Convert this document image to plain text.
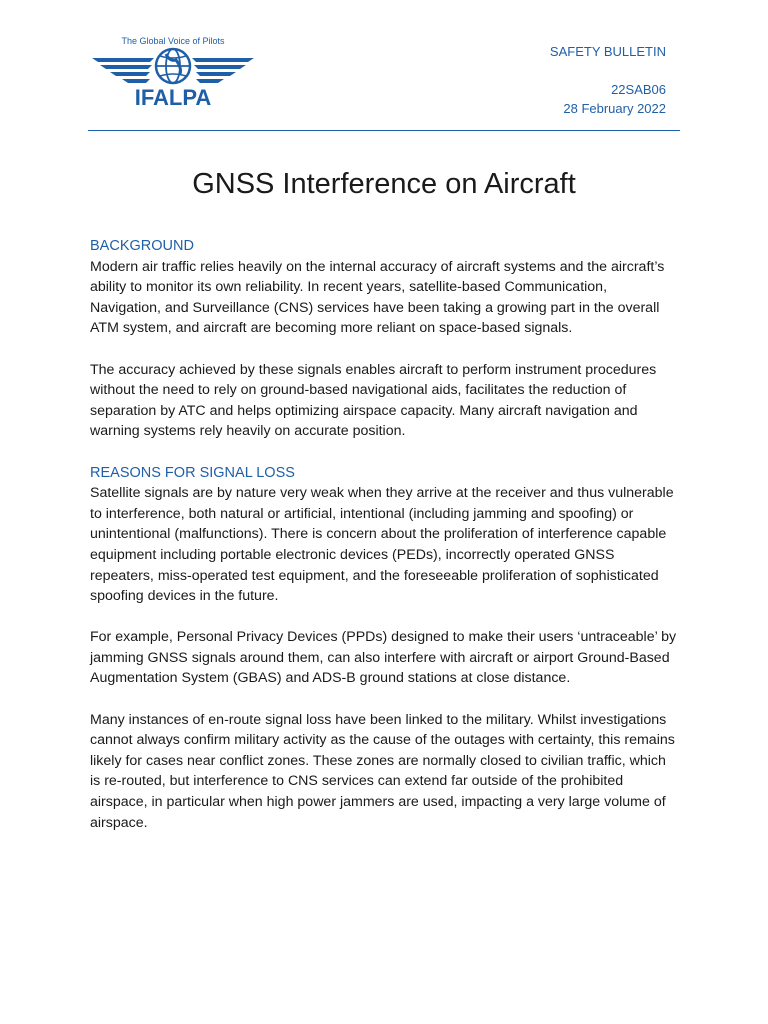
The Global Voice of Pilots
IFALPA
SAFETY BULLETIN
22SAB06
28 February 2022
GNSS Interference on Aircraft
BACKGROUND

Modern air traffic relies heavily on the internal accuracy of aircraft systems and the aircraft’s ability to monitor its own reliability. In recent years, satellite-based Communication, Navigation, and Surveillance (CNS) services have been taking a growing part in the overall ATM system, and aircraft are becoming more reliant on space-based signals.

The accuracy achieved by these signals enables aircraft to perform instrument procedures without the need to rely on ground-based navigational aids, facilitates the reduction of separation by ATC and helps optimizing airspace capacity. Many aircraft navigation and warning systems rely heavily on accurate position.

REASONS FOR SIGNAL LOSS

Satellite signals are by nature very weak when they arrive at the receiver and thus vulnerable to interference, both natural or artificial, intentional (including jamming and spoofing) or unintentional (malfunctions). There is concern about the proliferation of interference capable equipment including portable electronic devices (PEDs), incorrectly operated GNSS repeaters, miss-operated test equipment, and the foreseeable proliferation of sophisticated spoofing devices in the future.

For example, Personal Privacy Devices (PPDs) designed to make their users ‘untraceable’ by jamming GNSS signals around them, can also interfere with aircraft or airport Ground-Based Augmentation System (GBAS) and ADS-B ground stations at close distance.

Many instances of en-route signal loss have been linked to the military. Whilst investigations cannot always confirm military activity as the cause of the outages with certainty, this remains likely for cases near conflict zones. These zones are normally closed to civilian traffic, which is re-routed, but interference to CNS services can extend far outside of the prohibited airspace, in particular when high power jammers are used, impacting a very large volume of airspace.
